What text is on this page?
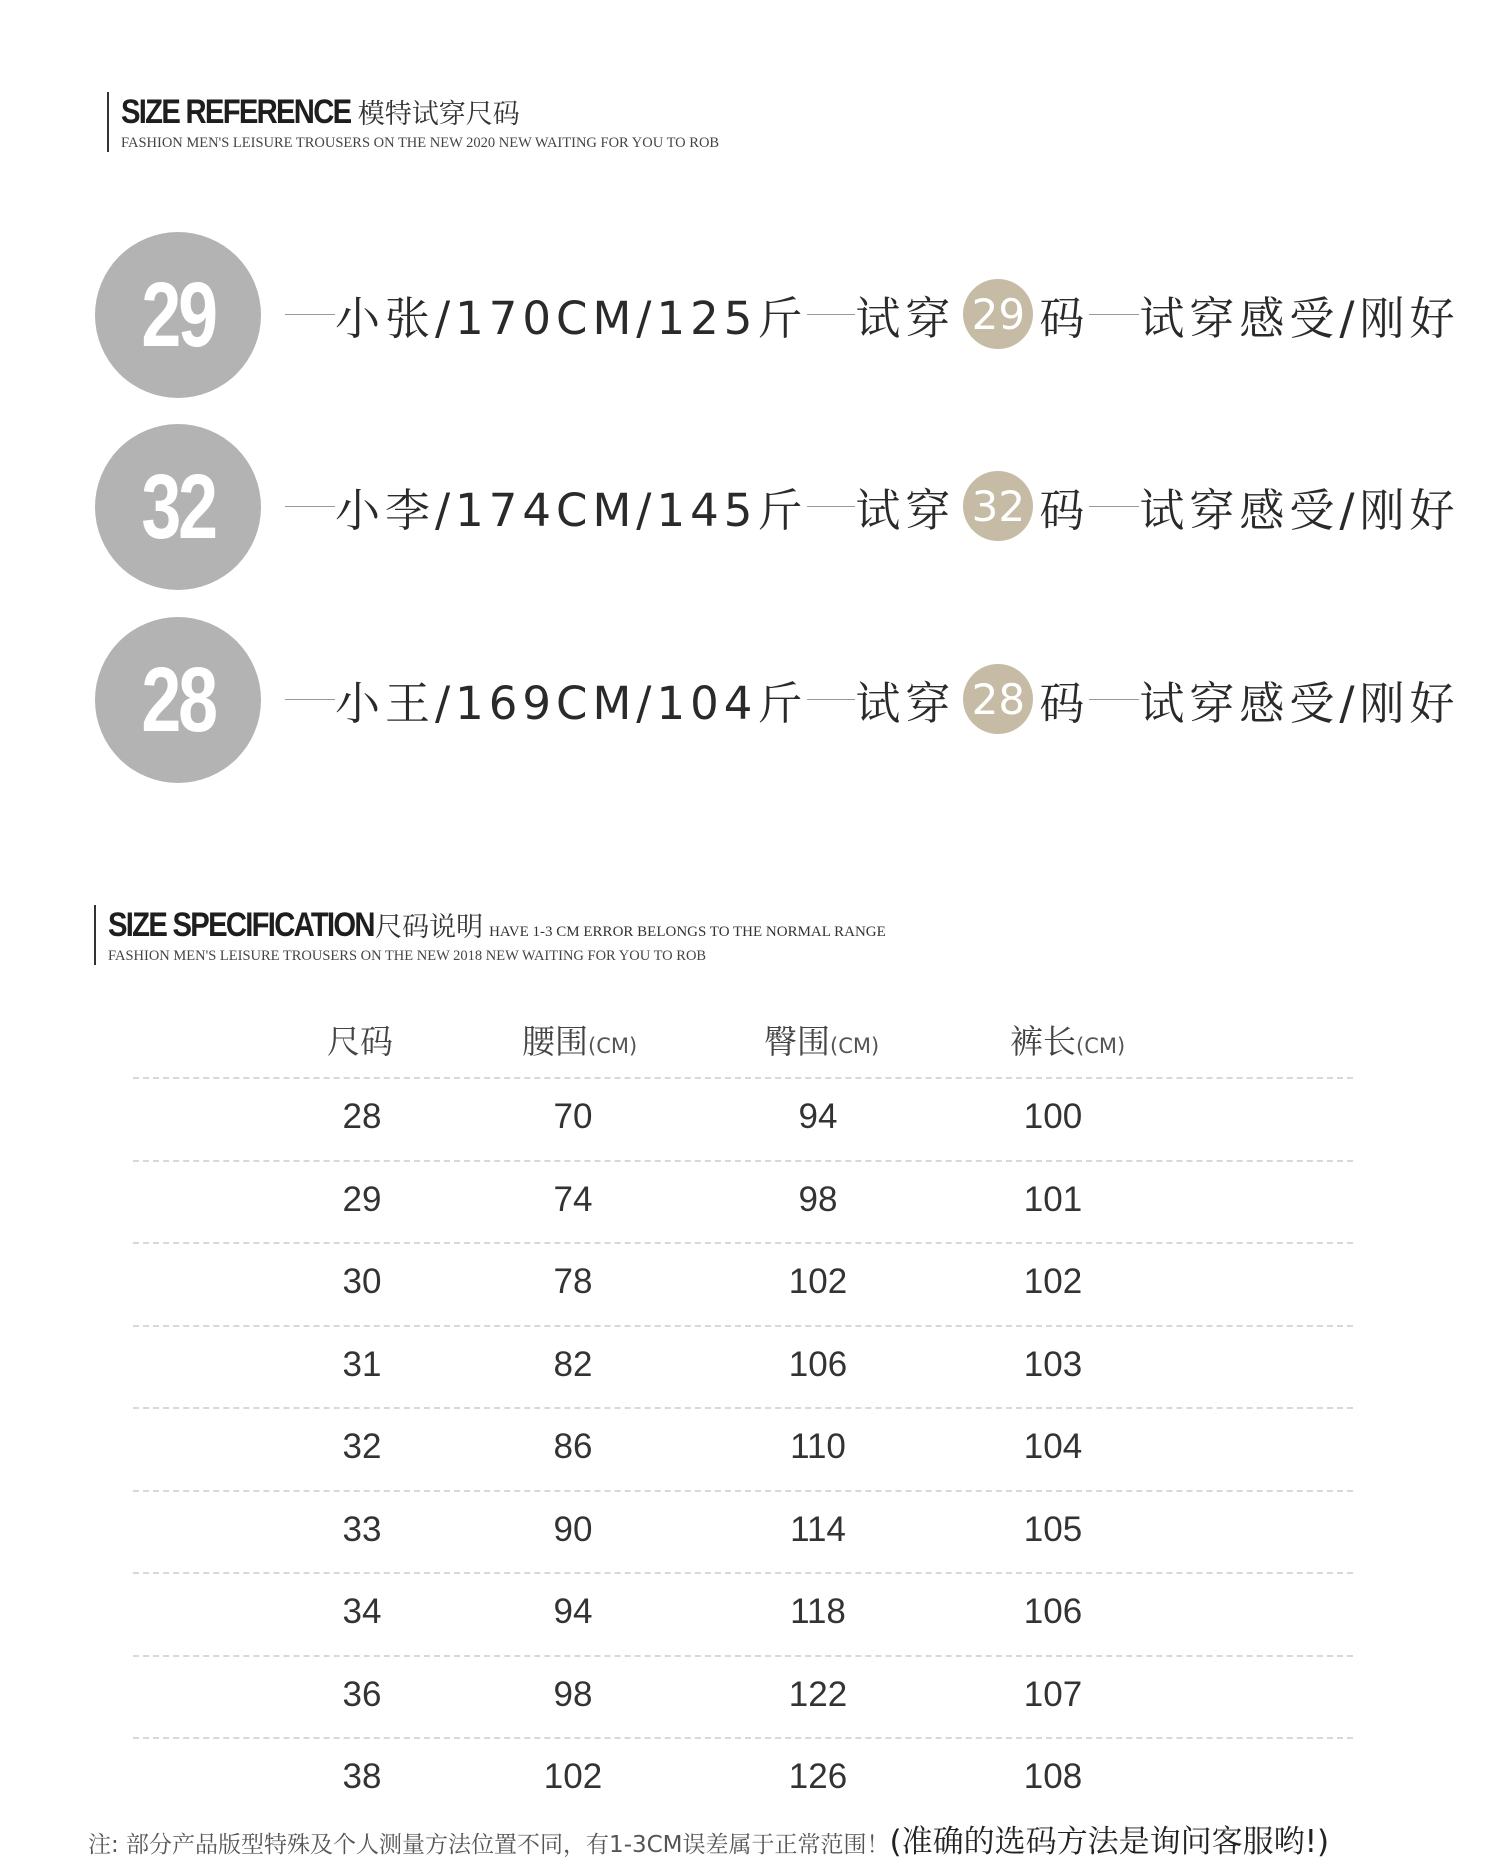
SIZE REFERENCE 模特试穿尺码
FASHION MEN'S LEISURE TROUSERS ON THE NEW 2020 NEW WAITING FOR YOU TO ROB
29	小张/170CM/125斤 试穿 29 码 试穿感受/刚好
32	小李/174CM/145斤 试穿 32 码 试穿感受/刚好
28	小王/169CM/104斤 试穿 28 码 试穿感受/刚好
SIZE SPECIFICATION 尺码说明 HAVE 1-3 CM ERROR BELONGS TO THE NORMAL RANGE
FASHION MEN'S LEISURE TROUSERS ON THE NEW 2018 NEW WAITING FOR YOU TO ROB
尺码	腰围(CM)	臀围(CM)	裤长(CM)
28	70	94	100
29	74	98	101
30	78	102	102
31	82	106	103
32	86	110	104
33	90	114	105
34	94	118	106
36	98	122	107
38	102	126	108
注: 部分产品版型特殊及个人测量方法位置不同，有1-3CM误差属于正常范围！ (准确的选码方法是询问客服哟!)
